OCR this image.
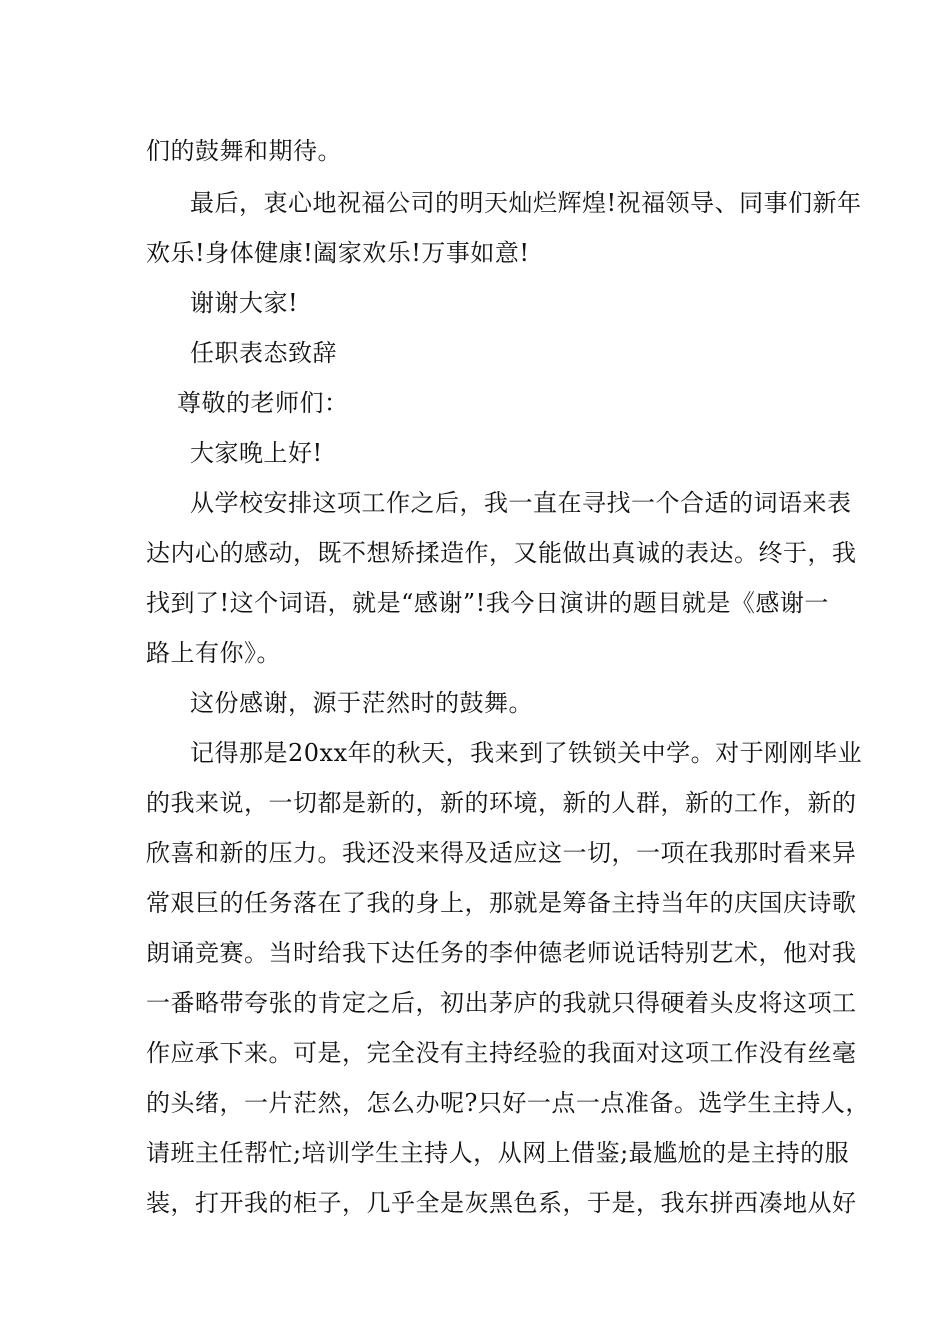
们的鼓舞和期待。
最后，衷心地祝福公司的明天灿烂辉煌!祝福领导、同事们新年
欢乐!身体健康!阖家欢乐!万事如意!
谢谢大家!
任职表态致辞
尊敬的老师们：
大家晚上好!
从学校安排这项工作之后，我一直在寻找一个合适的词语来表
达内心的感动，既不想矫揉造作，又能做出真诚的表达。终于，我
找到了!这个词语，就是“感谢”!我今日演讲的题目就是《感谢一
路上有你》。
这份感谢，源于茫然时的鼓舞。
记得那是20xx年的秋天，我来到了铁锁关中学。对于刚刚毕业
的我来说，一切都是新的，新的环境，新的人群，新的工作，新的
欣喜和新的压力。我还没来得及适应这一切，一项在我那时看来异
常艰巨的任务落在了我的身上，那就是筹备主持当年的庆国庆诗歌
朗诵竞赛。当时给我下达任务的李仲德老师说话特别艺术，他对我
一番略带夸张的肯定之后，初出茅庐的我就只得硬着头皮将这项工
作应承下来。可是，完全没有主持经验的我面对这项工作没有丝毫
的头绪，一片茫然，怎么办呢?只好一点一点准备。选学生主持人，
请班主任帮忙;培训学生主持人，从网上借鉴;最尴尬的是主持的服
装，打开我的柜子，几乎全是灰黑色系，于是，我东拼西凑地从好
